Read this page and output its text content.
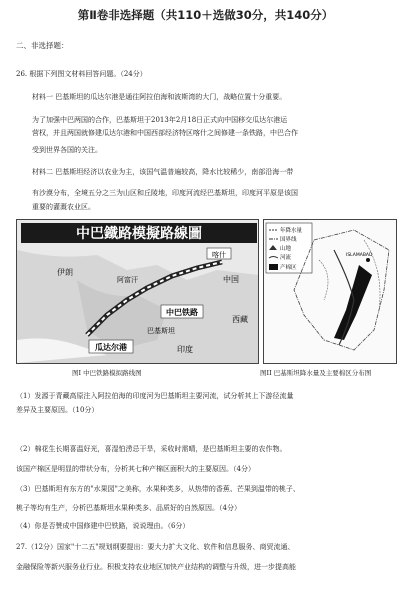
第Ⅱ卷非选择题（共110＋选做30分，共140分）
二、非选择题：
26. 根据下列图文材料回答问题。（24分）
材料一 巴基斯坦的瓜达尔港是通往阿拉伯海和波斯湾的大门，战略位置十分重要。
为了加强中巴两国的合作，巴基斯坦于2013年2月18日正式向中国移交瓜达尔港运
营权，并且两国就修建瓜达尔港和中国西部经济特区喀什之间修建一条铁路，中巴合作
受到世界各国的关注。
材料二 巴基斯坦经济以农业为主，该国气温普遍较高，降水比较稀少，南部沿海一带
有沙漠分布，全境五分之三为山区和丘陵地，印度河流经巴基斯坦，印度河平原是该国
重要的灌溉农业区。
中巴鐵路模擬路線圖
伊朗
阿富汗
喀什
中国
西藏
巴基斯坦
印度
中巴铁路
瓜达尔港
年降水量
国界线
山地
河流
产棉区
ISLAMABAD
图I 中巴铁路模拟路线图	图II 巴基斯坦降水量及主要棉区分布图
（1）发源于青藏高原注入阿拉伯海的印度河为巴基斯坦主要河流，试分析其上下游径流量
差异及主要原因。（10分）
（2）棉花生长期喜温好光，喜湿怕涝忌干旱，采收时需晴，是巴基斯坦主要的农作物。
该国产棉区是明显的带状分布，分析其七种产棉区面积大的主要原因。（4分）
（3）巴基斯坦有东方的"水果园"之美称，水果种类多，从热带的香蕉、芒果到温带的桃子、
桃子等均有生产，分析巴基斯坦水果种类多、品质好的自然原因。（4分）
（4）你是否赞成中国修建中巴铁路，说说理由。（6分）
27.（12分）国家"十二五"规划纲要提出：要大力扩大文化、软件和信息服务、商贸流通、
金融保险等新兴服务业行业。积极支持农业地区加快产业结构的调整与升级，进一步提高能
